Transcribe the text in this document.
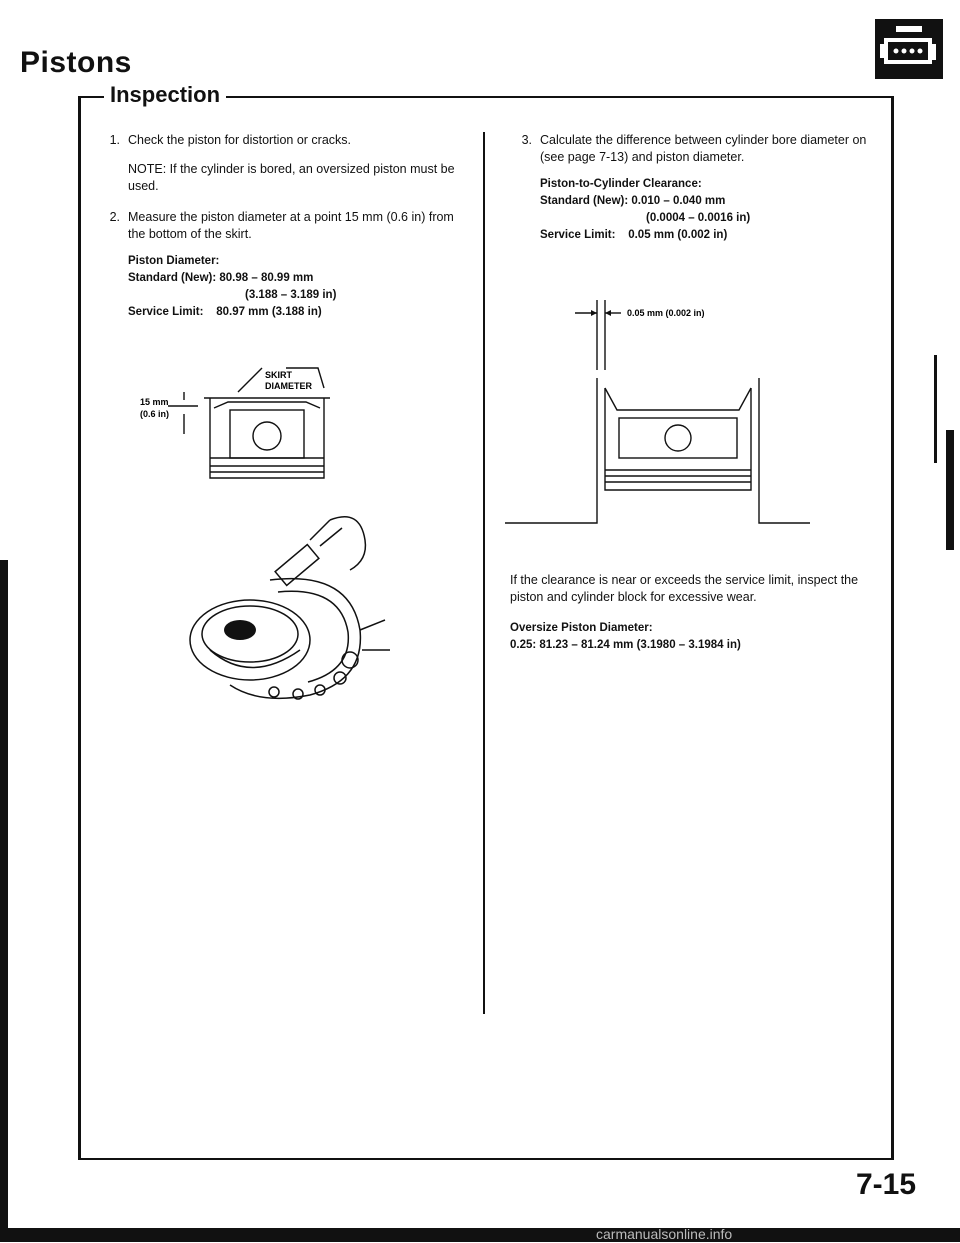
Pistons
Inspection
1. Check the piston for distortion or cracks.
NOTE: If the cylinder is bored, an oversized piston must be used.
2. Measure the piston diameter at a point 15 mm (0.6 in) from the bottom of the skirt.
Piston Diameter:
Standard (New): 80.98 – 80.99 mm
(3.188 – 3.189 in)
Service Limit: 80.97 mm (3.188 in)
SKIRT
DIAMETER
15 mm
(0.6 in)
3. Calculate the difference between cylinder bore diameter on (see page 7-13) and piston diameter.
Piston-to-Cylinder Clearance:
Standard (New): 0.010 – 0.040 mm
(0.0004 – 0.0016 in)
Service Limit: 0.05 mm (0.002 in)
0.05 mm (0.002 in)
If the clearance is near or exceeds the service limit, inspect the piston and cylinder block for excessive wear.
Oversize Piston Diameter:
0.25: 81.23 – 81.24 mm (3.1980 – 3.1984 in)
7-15
carmanualsonline.info
